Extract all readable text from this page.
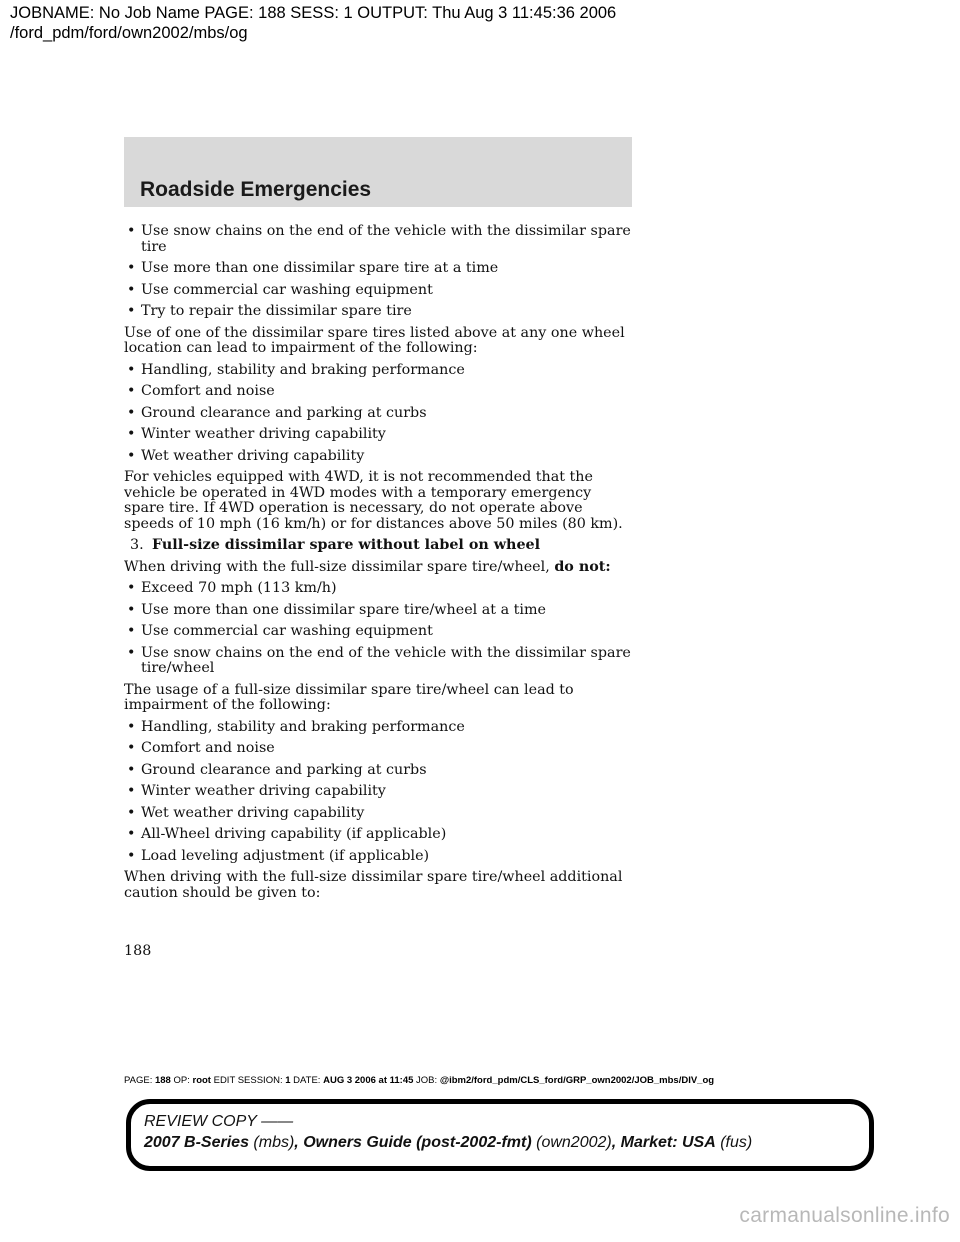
JOBNAME: No Job Name PAGE: 188 SESS: 1 OUTPUT: Thu Aug 3 11:45:36 2006
/ford_pdm/ford/own2002/mbs/og
Roadside Emergencies
• Use snow chains on the end of the vehicle with the dissimilar spare tire
• Use more than one dissimilar spare tire at a time
• Use commercial car washing equipment
• Try to repair the dissimilar spare tire
Use of one of the dissimilar spare tires listed above at any one wheel location can lead to impairment of the following:
• Handling, stability and braking performance
• Comfort and noise
• Ground clearance and parking at curbs
• Winter weather driving capability
• Wet weather driving capability
For vehicles equipped with 4WD, it is not recommended that the vehicle be operated in 4WD modes with a temporary emergency spare tire. If 4WD operation is necessary, do not operate above speeds of 10 mph (16 km/h) or for distances above 50 miles (80 km).
3. Full-size dissimilar spare without label on wheel
When driving with the full-size dissimilar spare tire/wheel, do not:
• Exceed 70 mph (113 km/h)
• Use more than one dissimilar spare tire/wheel at a time
• Use commercial car washing equipment
• Use snow chains on the end of the vehicle with the dissimilar spare tire/wheel
The usage of a full-size dissimilar spare tire/wheel can lead to impairment of the following:
• Handling, stability and braking performance
• Comfort and noise
• Ground clearance and parking at curbs
• Winter weather driving capability
• Wet weather driving capability
• All-Wheel driving capability (if applicable)
• Load leveling adjustment (if applicable)
When driving with the full-size dissimilar spare tire/wheel additional caution should be given to:
188
PAGE: 188 OP: root EDIT SESSION: 1 DATE: AUG 3 2006 at 11:45 JOB: @ibm2/ford_pdm/CLS_ford/GRP_own2002/JOB_mbs/DIV_og
REVIEW COPY ——
2007 B-Series (mbs), Owners Guide (post-2002-fmt) (own2002), Market: USA (fus)
carmanualsonline.info
